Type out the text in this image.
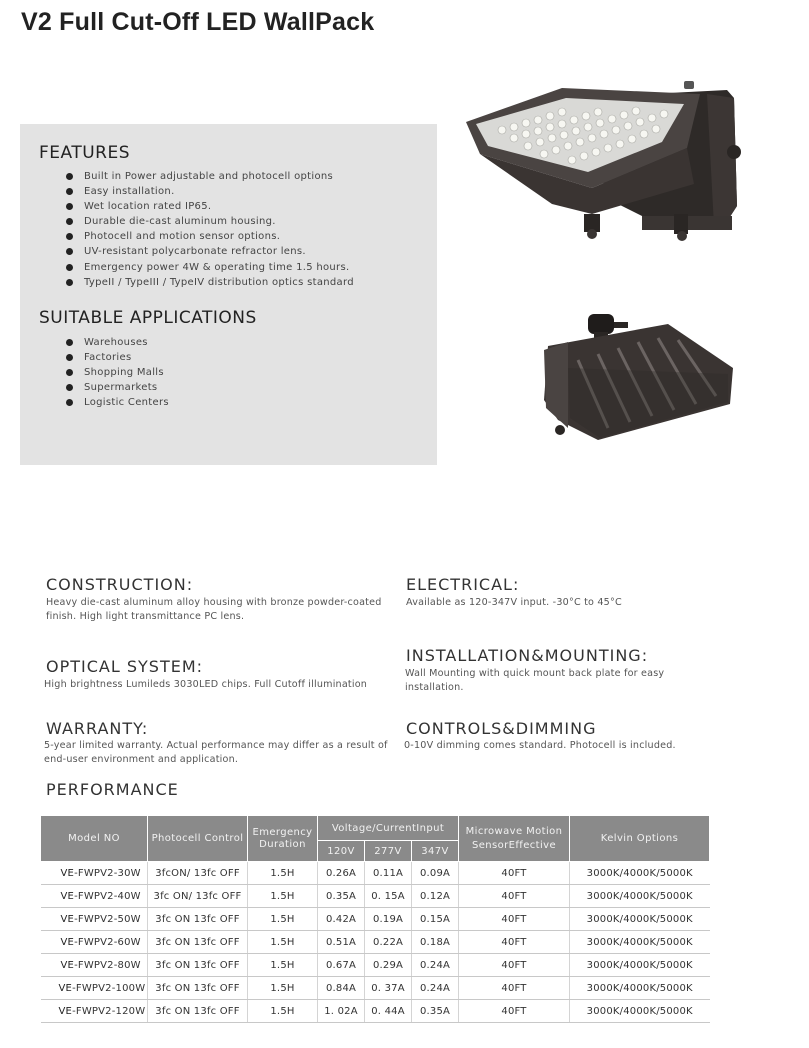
V2 Full Cut-Off LED WallPack
FEATURES
Built in Power adjustable and photocell options
Easy installation.
Wet location rated IP65.
Durable die-cast aluminum housing.
Photocell and motion sensor options.
UV-resistant polycarbonate refractor lens.
Emergency power 4W & operating time 1.5 hours.
TypeII / TypeIII / TypeIV distribution optics standard
SUITABLE APPLICATIONS
Warehouses
Factories
Shopping Malls
Supermarkets
Logistic Centers
CONSTRUCTION:
Heavy die-cast aluminum alloy housing with bronze powder-coated finish. High light transmittance PC lens.
ELECTRICAL:
Available as 120-347V input. -30°C to 45°C
OPTICAL SYSTEM:
High brightness Lumileds 3030LED chips. Full Cutoff illumination
INSTALLATION&MOUNTING:
Wall Mounting with quick mount back plate for easy installation.
WARRANTY:
5-year limited warranty. Actual performance may differ as a result of end-user environment and application.
CONTROLS&DIMMING
0-10V dimming comes standard. Photocell is included.
PERFORMANCE
Model NO	Photocell Control	Emergency Duration	Voltage/CurrentInput			Microwave Motion SensorEffective	Kelvin Options
			120V	277V	347V		
VE-FWPV2-30W	3fcON/ 13fc OFF	1.5H	0.26A	0.11A	0.09A	40FT	3000K/4000K/5000K
VE-FWPV2-40W	3fc ON/ 13fc OFF	1.5H	0.35A	0. 15A	0.12A	40FT	3000K/4000K/5000K
VE-FWPV2-50W	3fc ON 13fc OFF	1.5H	0.42A	0.19A	0.15A	40FT	3000K/4000K/5000K
VE-FWPV2-60W	3fc ON 13fc OFF	1.5H	0.51A	0.22A	0.18A	40FT	3000K/4000K/5000K
VE-FWPV2-80W	3fc ON 13fc OFF	1.5H	0.67A	0.29A	0.24A	40FT	3000K/4000K/5000K
VE-FWPV2-100W	3fc ON 13fc OFF	1.5H	0.84A	0. 37A	0.24A	40FT	3000K/4000K/5000K
VE-FWPV2-120W	3fc ON 13fc OFF	1.5H	1. 02A	0. 44A	0.35A	40FT	3000K/4000K/5000K
